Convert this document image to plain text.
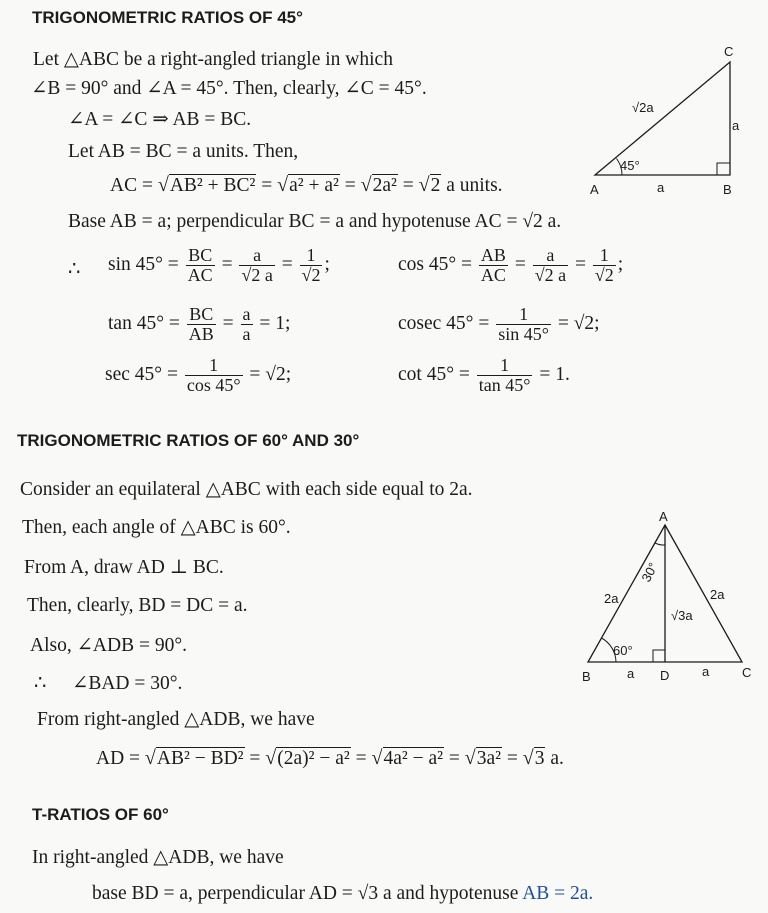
TRIGONOMETRIC RATIOS OF 45°
Let △ABC be a right-angled triangle in which
∠B = 90° and ∠A = 45°. Then, clearly, ∠C = 45°.
∠A = ∠C ⇒ AB = BC.
Let AB = BC = a units. Then,
AC = √AB² + BC² = √a² + a² = √2a² = √2 a units.
Base AB = a; perpendicular BC = a and hypotenuse AC = √2 a.
∴ $\sin 45^\circ = \frac{BC}{AC} = \frac{a}{√2 a} = \frac{1}{√2}$ ;	$\cos 45^\circ = \frac{AB}{AC} = \frac{a}{√2 a} = \frac{1}{√2}$ ;
$\tan 45^\circ = \frac{BC}{AB} = \frac{a}{a} = 1$;	cosec $45^\circ = \frac{1}{\sin 45^\circ} = √2$;
$\sec 45^\circ = \frac{1}{\cos 45^\circ} = √2$;	$\cot 45^\circ = \frac{1}{\tan 45^\circ} = 1$.
A	B
C
√2a
a
a
45°
TRIGONOMETRIC RATIOS OF 60° AND 30°
Consider an equilateral △ABC with each side equal to 2a.
Then, each angle of △ABC is 60°.
From A, draw AD ⊥ BC.
Then, clearly, BD = DC = a.
Also, ∠ADB = 90°.
∴ ∠BAD = 30°.
From right-angled △ADB, we have
AD = √AB² − BD² = √(2a)² − a² = √4a² − a² = √3a² = √3 a.
A
B	C
D
2a	2a
√3a
a	a
60°
30°
T-RATIOS OF 60°
In right-angled △ADB, we have
base BD = a, perpendicular AD = √3 a and hypotenuse AB = 2a.
